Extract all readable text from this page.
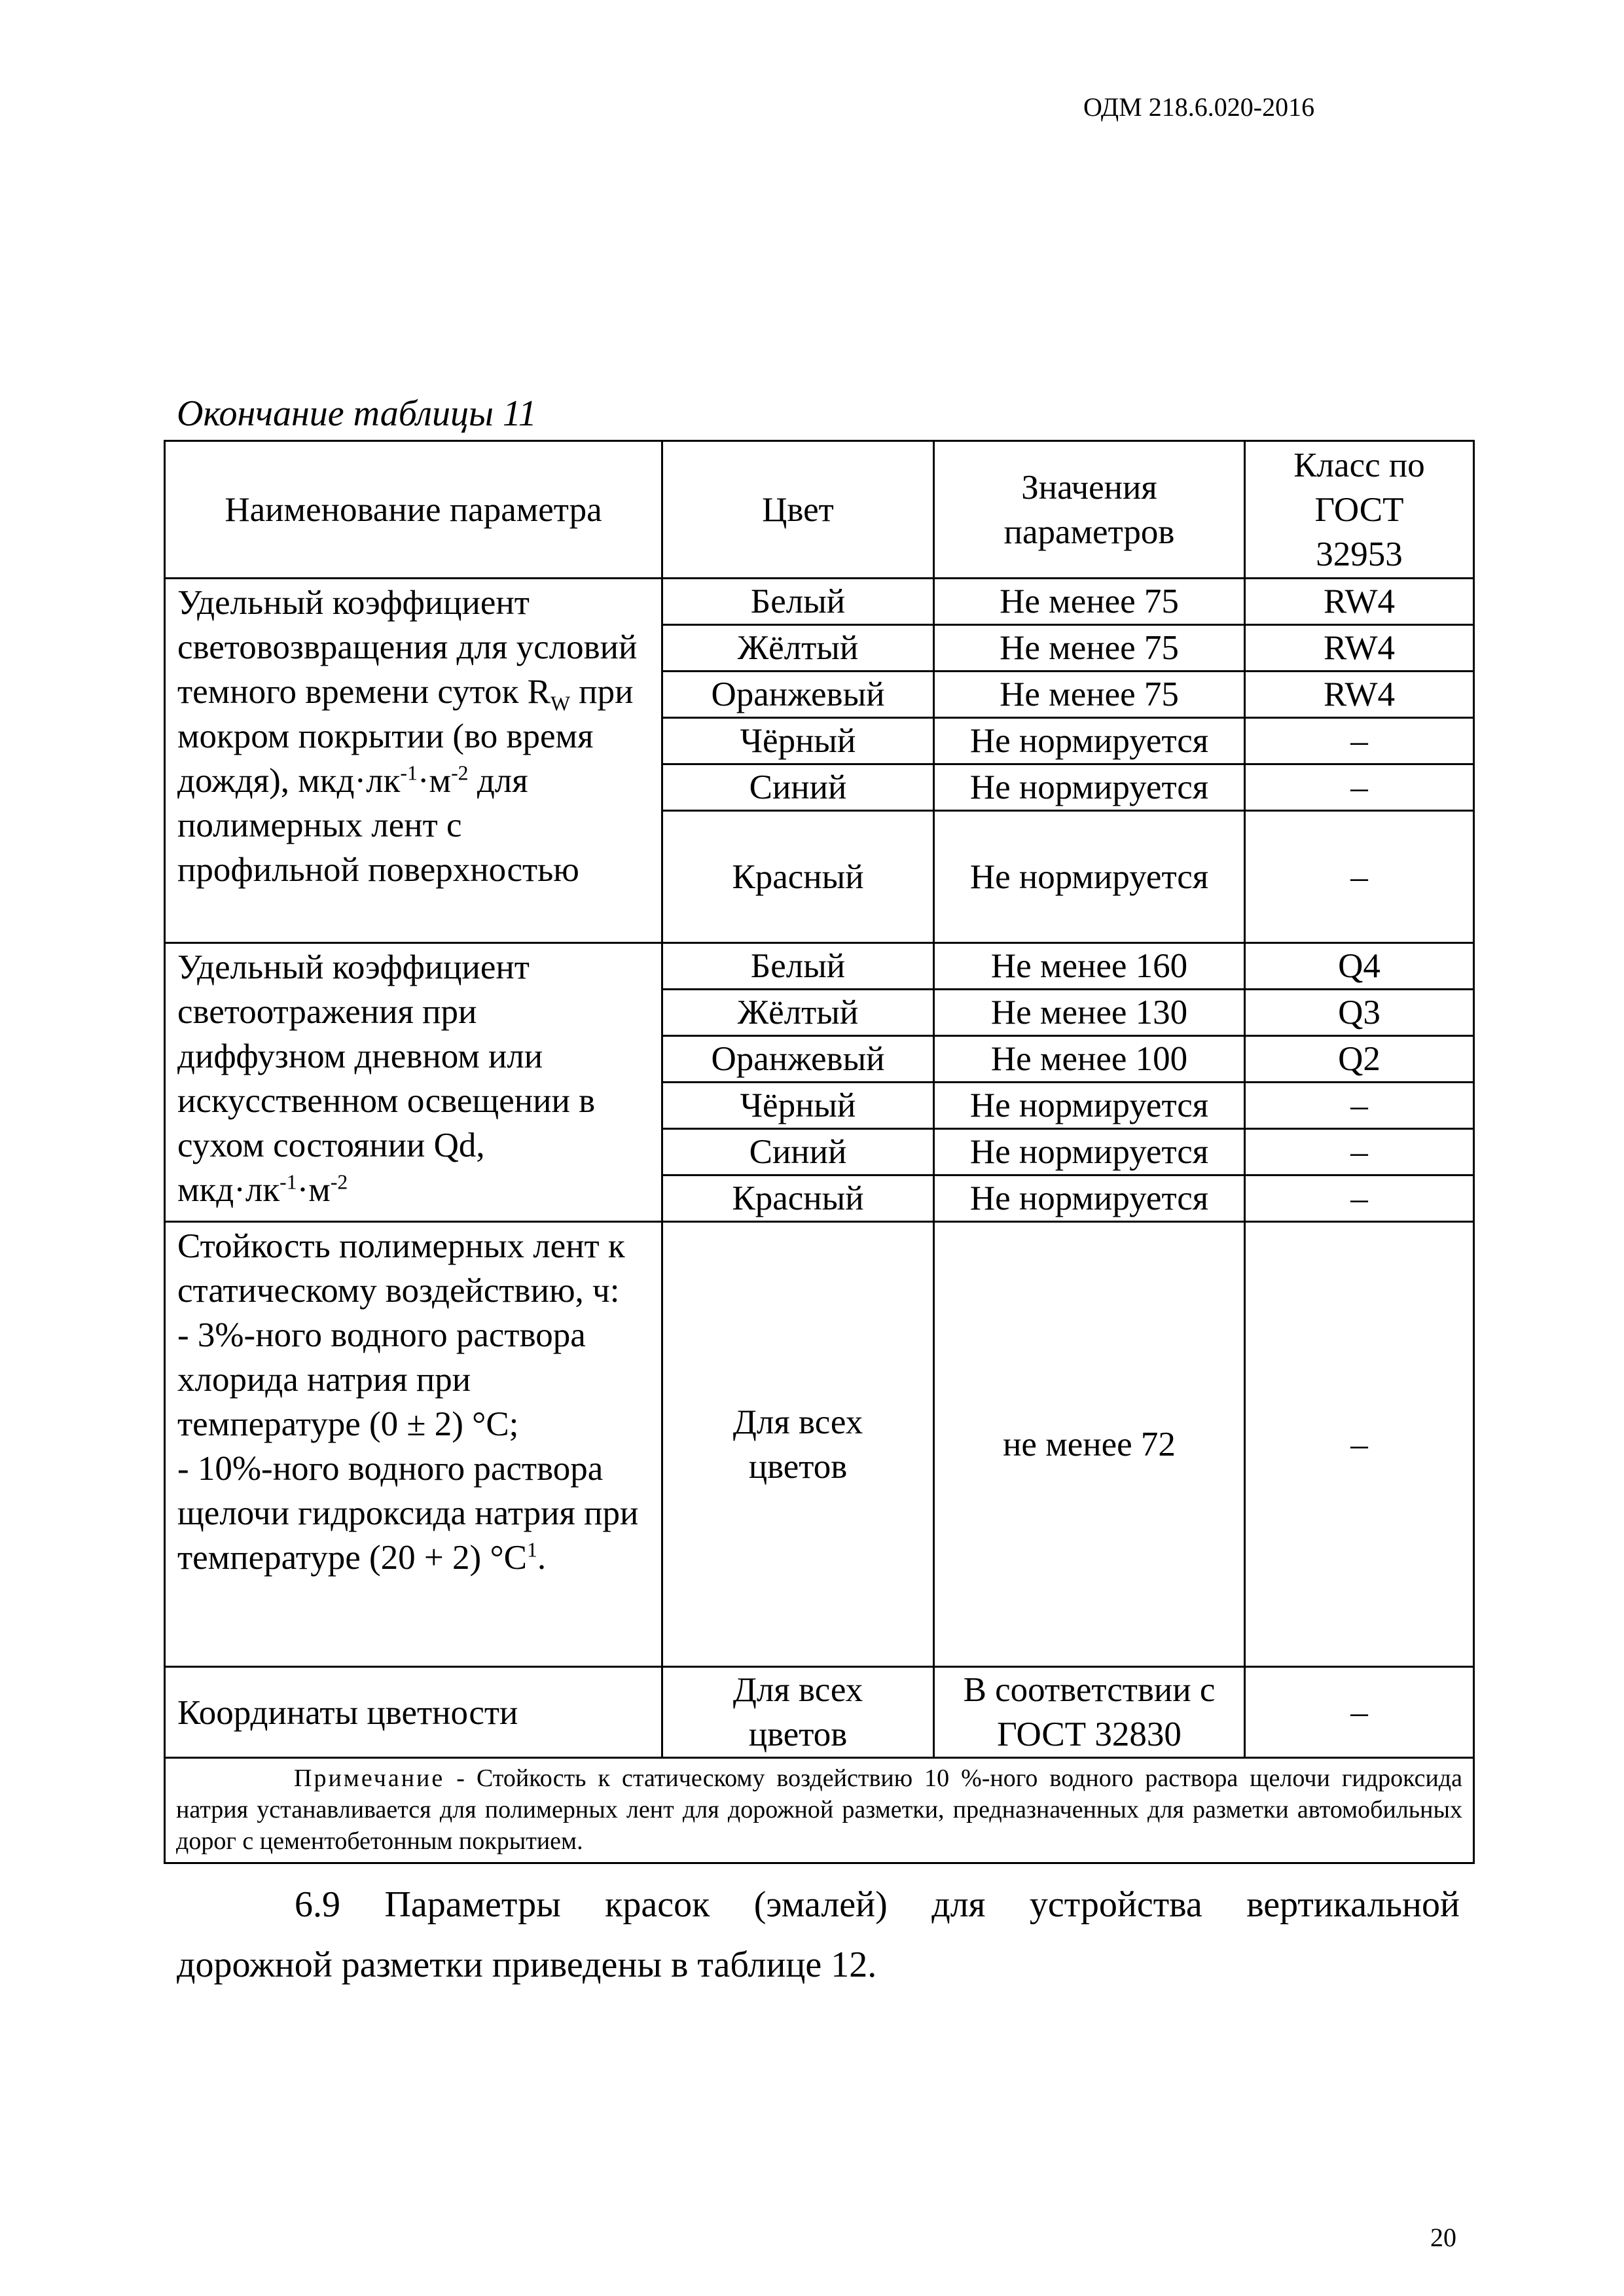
ОДМ 218.6.020-2016
Окончание таблицы 11
Наименование параметра	Цвет	Значения параметров	Класс по ГОСТ 32953
Удельный коэффициент световозвращения для условий темного времени суток $R_W$ при мокром покрытии (во время дождя), $мкд\cdot лк^{-1}\cdot м^{-2}$ для полимерных лент с профильной поверхностью	Белый	Не менее 75	RW4
	Жёлтый	Не менее 75	RW4
	Оранжевый	Не менее 75	RW4
	Чёрный	Не нормируется	–
	Синий	Не нормируется	–
	Красный	Не нормируется	–
Удельный коэффициент светоотражения при диффузном дневном или искусственном освещении в сухом состоянии Qd, $мкд\cdot лк^{-1}\cdot м^{-2}$	Белый	Не менее 160	Q4
	Жёлтый	Не менее 130	Q3
	Оранжевый	Не менее 100	Q2
	Чёрный	Не нормируется	–
	Синий	Не нормируется	–
	Красный	Не нормируется	–
Стойкость полимерных лент к статическому воздействию, ч:
- 3%-ного водного раствора хлорида натрия при температуре (0 ± 2) °С;
- 10%-ного водного раствора щелочи гидроксида натрия при температуре (20 + 2) $^\circ С^1$.	Для всех цветов	не менее 72	–
Координаты цветности	Для всех цветов	В соответствии с ГОСТ 32830	–
Примечание - Стойкость к статическому воздействию 10 %-ного водного раствора щелочи гидроксида натрия устанавливается для полимерных лент для дорожной разметки, предназначенных для разметки автомобильных дорог с цементобетонным покрытием.			
6.9 Параметры красок (эмалей) для устройства вертикальной
дорожной разметки приведены в таблице 12.
20
